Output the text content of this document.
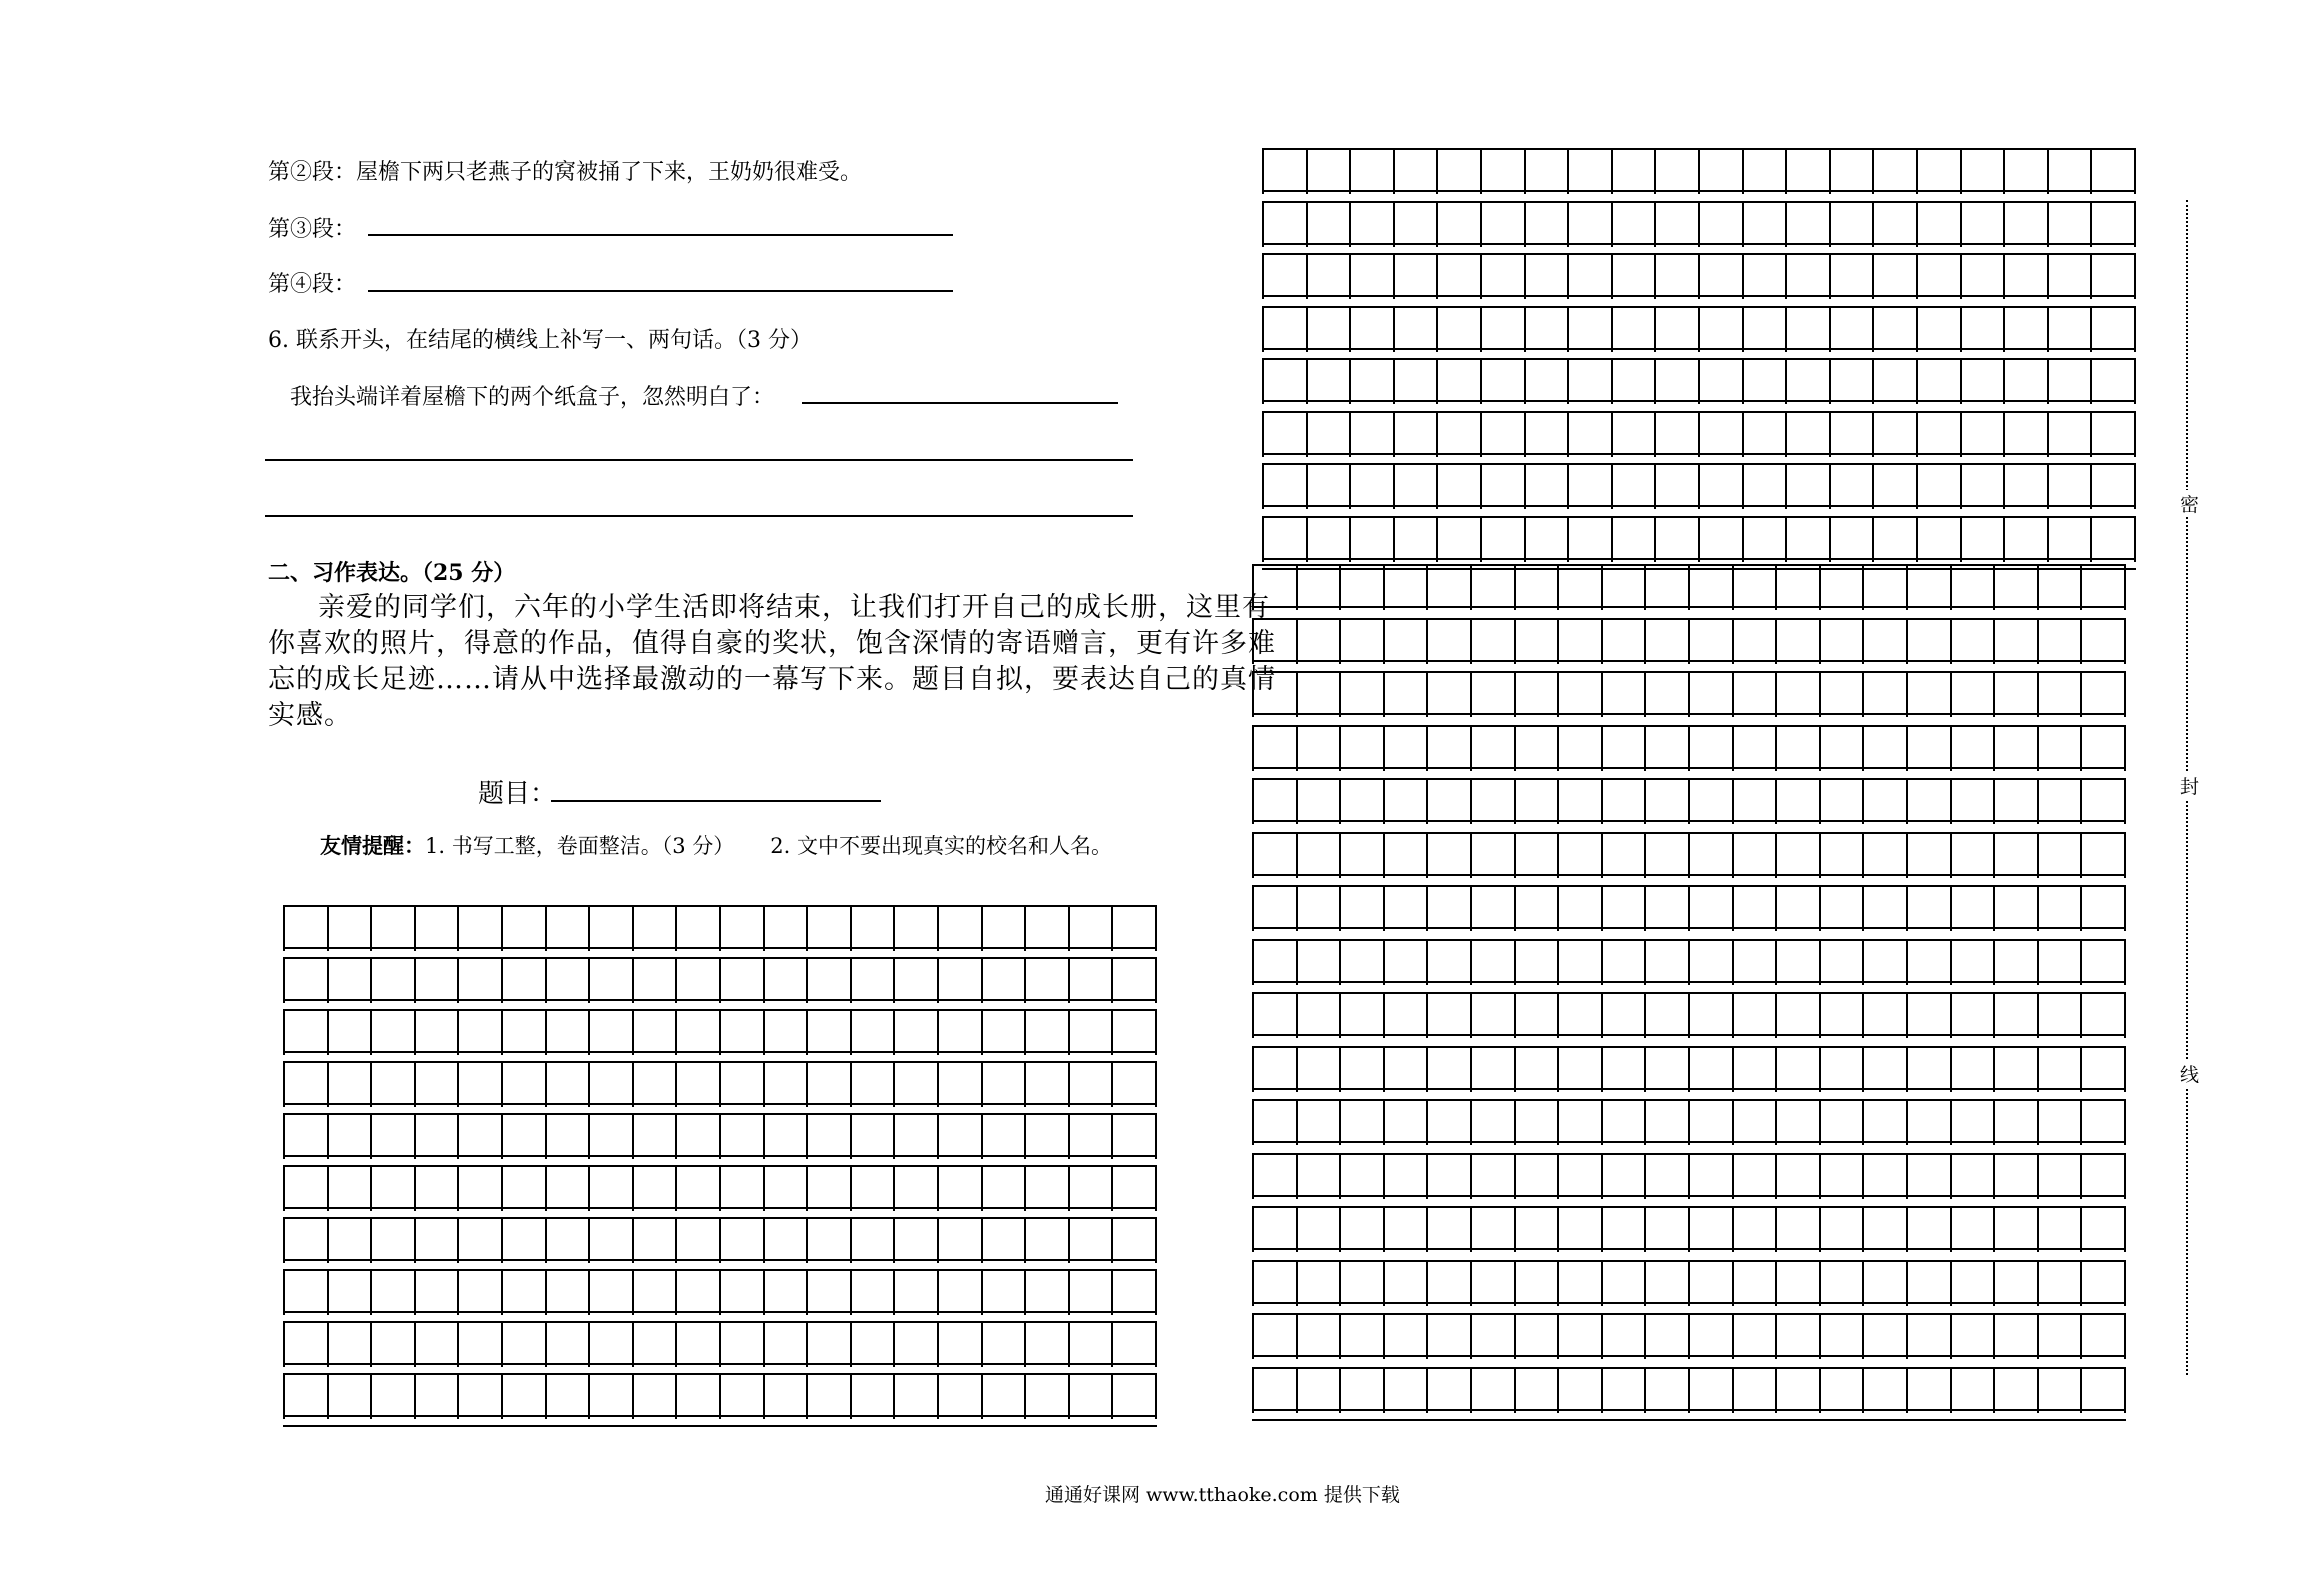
第②段：屋檐下两只老燕子的窝被捅了下来，王奶奶很难受。
第③段：
第④段：
6. 联系开头，在结尾的横线上补写一、两句话。（3 分）
我抬头端详着屋檐下的两个纸盒子，忽然明白了：
二、习作表达。（25 分）
亲爱的同学们，六年的小学生活即将结束，让我们打开自己的成长册，这里有
你喜欢的照片，得意的作品，值得自豪的奖状，饱含深情的寄语赠言，更有许多难
忘的成长足迹……请从中选择最激动的一幕写下来。题目自拟，要表达自己的真情
实感。
题目：
友情提醒：1. 书写工整，卷面整洁。（3 分） 2. 文中不要出现真实的校名和人名。
密
封
线
通通好课网 www.tthaoke.com 提供下载
